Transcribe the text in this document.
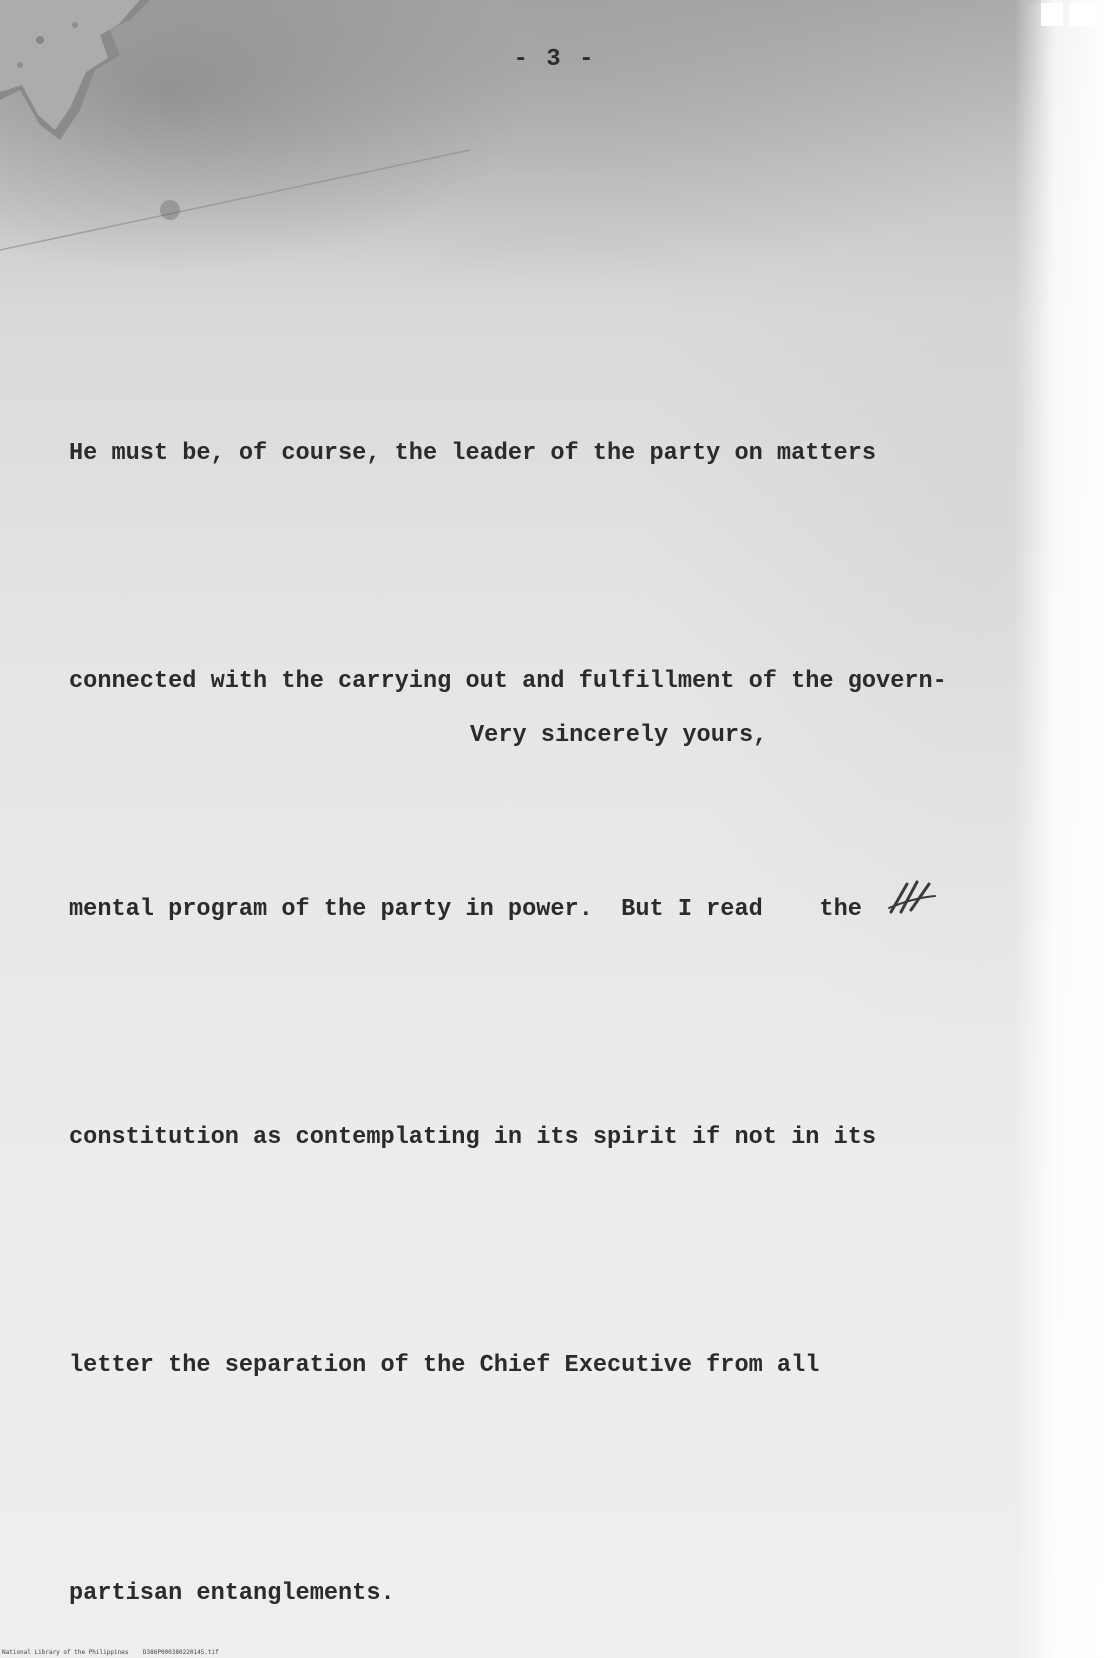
- 3 -

He must be, of course, the leader of the party on matters

connected with the carrying out and fulfillment of the govern-

mental program of the party in power.  But I read    the

constitution as contemplating in its spirit if not in its

letter the separation of the Chief Executive from all

partisan entanglements.

Very sincerely yours,
National Library of the Philippines    D386P000380220145.tif
